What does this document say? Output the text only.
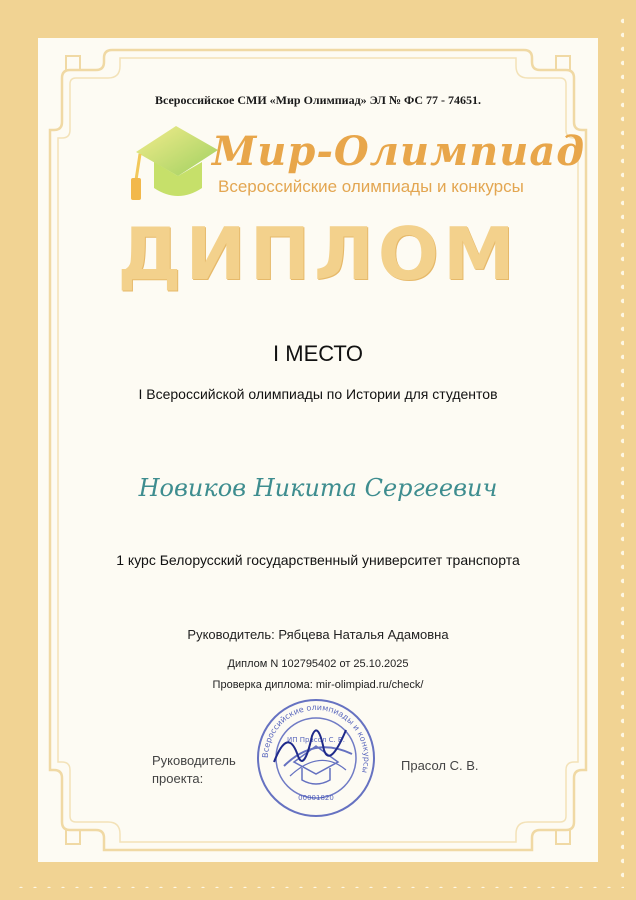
Всероссийское СМИ «Мир Олимпиад» ЭЛ № ФС 77 - 74651.
Мир-Олимпиад
Всероссийские олимпиады и конкурсы
ДИПЛОМ
I МЕСТО
I Всероссийской олимпиады по Истории для студентов
Новиков Никита Сергеевич
1 курс Белорусский государственный университет транспорта
Руководитель: Рябцева Наталья Адамовна
Диплом N 102795402 от 25.10.2025
Проверка диплома: mir-olimpiad.ru/check/
Руководитель
проекта:
Всероссийские олимпиады и конкурсы
ИП Прасол С. В.
00001820
Прасол С. В.
